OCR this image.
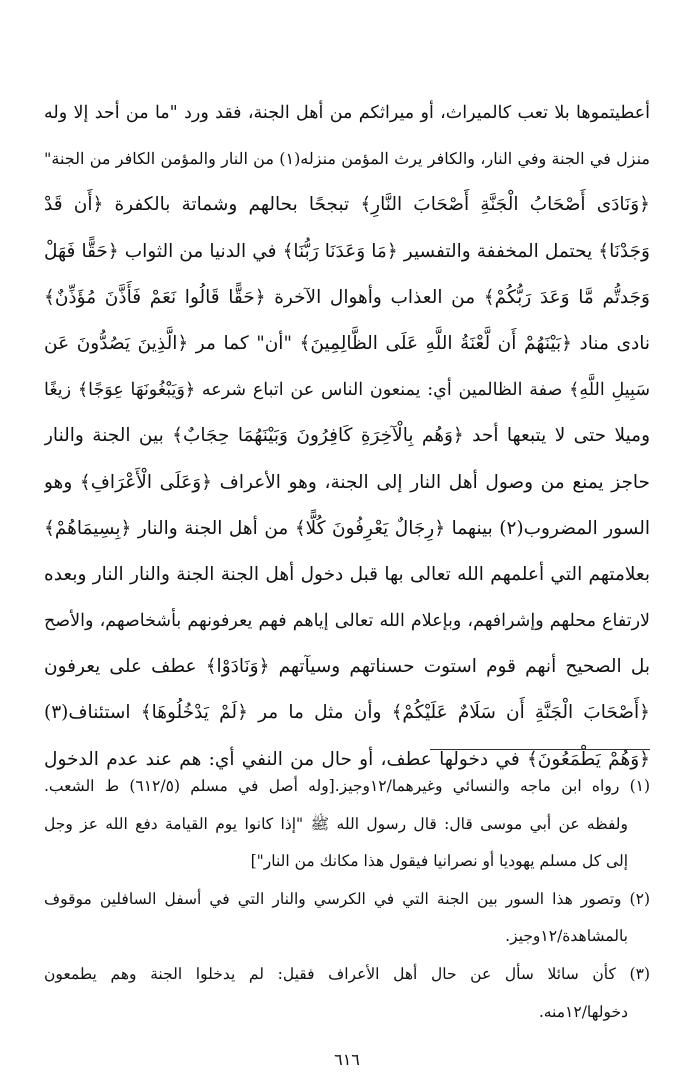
أعطيتموها بلا تعب كالميراث، أو ميراثكم من أهل الجنة، فقد ورد "ما من أحد إلا وله
منزل في الجنة وفي النار، والكافر يرث المؤمن منزله(١) من النار والمؤمن الكافر من الجنة"
﴿وَنَادَى أَصْحَابُ الْجَنَّةِ أَصْحَابَ النَّارِ﴾ تبجحًا بحالهم وشماتة بالكفرة ﴿أَن قَدْ
وَجَدْنَا﴾ يحتمل المخففة والتفسير ﴿مَا وَعَدَنَا رَبُّنَا﴾ في الدنيا من الثواب ﴿حَقًّا فَهَلْ
وَجَدتُّم مَّا وَعَدَ رَبُّكُمْ﴾ من العذاب وأهوال الآخرة ﴿حَقًّا قَالُوا نَعَمْ فَأَذَّنَ مُؤَذِّنٌ﴾
نادى مناد ﴿بَيْنَهُمْ أَن لَّعْنَةُ اللَّهِ عَلَى الظَّالِمِينَ﴾ "أن" كما مر ﴿الَّذِينَ يَصُدُّونَ عَن
سَبِيلِ اللَّهِ﴾ صفة الظالمين أي: يمنعون الناس عن اتباع شرعه ﴿وَيَبْغُونَهَا عِوَجًا﴾ زيغًا
وميلا حتى لا يتبعها أحد ﴿وَهُم بِالْآخِرَةِ كَافِرُونَ وَبَيْنَهُمَا حِجَابٌ﴾ بين الجنة والنار
حاجز يمنع من وصول أهل النار إلى الجنة، وهو الأعراف ﴿وَعَلَى الْأَعْرَافِ﴾ وهو
السور المضروب(٢) بينهما ﴿رِجَالٌ يَعْرِفُونَ كُلًّا﴾ من أهل الجنة والنار ﴿بِسِيمَاهُمْ﴾
بعلامتهم التي أعلمهم الله تعالى بها قبل دخول أهل الجنة الجنة والنار النار وبعده
لارتفاع محلهم وإشرافهم، وبإعلام الله تعالى إياهم فهم يعرفونهم بأشخاصهم، والأصح
بل الصحيح أنهم قوم استوت حسناتهم وسيآتهم ﴿وَنَادَوْا﴾ عطف على يعرفون
﴿أَصْحَابَ الْجَنَّةِ أَن سَلَامٌ عَلَيْكُمْ﴾ وأن مثل ما مر ﴿لَمْ يَدْخُلُوهَا﴾ استئناف(٣)
﴿وَهُمْ يَطْمَعُونَ﴾ في دخولها عطف، أو حال من النفي أي: هم عند عدم الدخول
(١) رواه ابن ماجه والنسائي وغيرهما/١٢وجيز.[وله أصل في مسلم (٦١٢/٥) ط الشعب.
ولفظه عن أبي موسى قال: قال رسول الله ﷺ "إذا كانوا يوم القيامة دفع الله عز وجل
إلى كل مسلم يهوديا أو نصرانيا فيقول هذا مكانك من النار"]
(٢) وتصور هذا السور بين الجنة التي في الكرسي والنار التي في أسفل السافلين موقوف
بالمشاهدة/١٢وجيز.
(٣) كأن سائلا سأل عن حال أهل الأعراف فقيل: لم يدخلوا الجنة وهم يطمعون
دخولها/١٢منه.
٦١٦
